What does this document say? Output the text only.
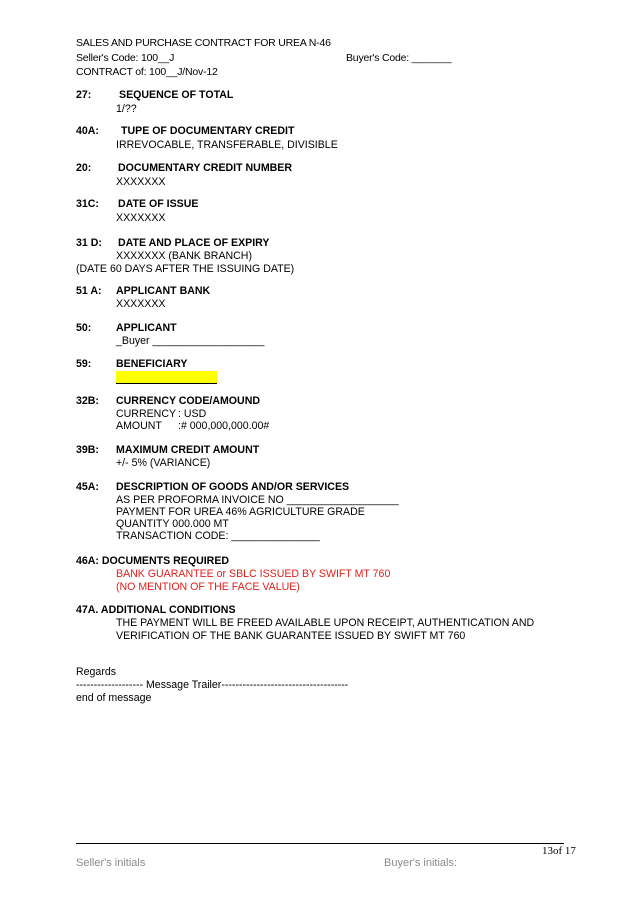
SALES AND PURCHASE CONTRACT FOR UREA N-46
Seller's Code: 100__J	Buyer's Code: _______
CONTRACT of: 100__J/Nov-12
27:	SEQUENCE OF TOTAL
1/??
40A: TUPE OF DOCUMENTARY CREDIT
IRREVOCABLE, TRANSFERABLE, DIVISIBLE
20:	DOCUMENTARY CREDIT NUMBER
XXXXXXX
31C: DATE OF ISSUE
XXXXXXX
31 D: DATE AND PLACE OF EXPIRY
XXXXXXX (BANK BRANCH)
(DATE 60 DAYS AFTER THE ISSUING DATE)
51 A: APPLICANT BANK
XXXXXXX
50: APPLICANT
_Buyer ___________________
59: BENEFICIARY
32B: CURRENCY CODE/AMOUND
CURRENCY : USD
AMOUNT :# 000,000,000.00#
39B: MAXIMUM CREDIT AMOUNT
+/- 5% (VARIANCE)
45A: DESCRIPTION OF GOODS AND/OR SERVICES
AS PER PROFORMA INVOICE NO ___________________
PAYMENT FOR UREA 46% AGRICULTURE GRADE
QUANTITY 000.000 MT
TRANSACTION CODE: _______________
46A: DOCUMENTS REQUIRED
BANK GUARANTEE or SBLC ISSUED BY SWIFT MT 760
(NO MENTION OF THE FACE VALUE)
47A. ADDITIONAL CONDITIONS
THE PAYMENT WILL BE FREED AVAILABLE UPON RECEIPT, AUTHENTICATION AND
VERIFICATION OF THE BANK GUARANTEE ISSUED BY SWIFT MT 760
Regards
------------------- Message Trailer------------------------------------
end of message
13of 17
Seller's initials	Buyer's initials:
